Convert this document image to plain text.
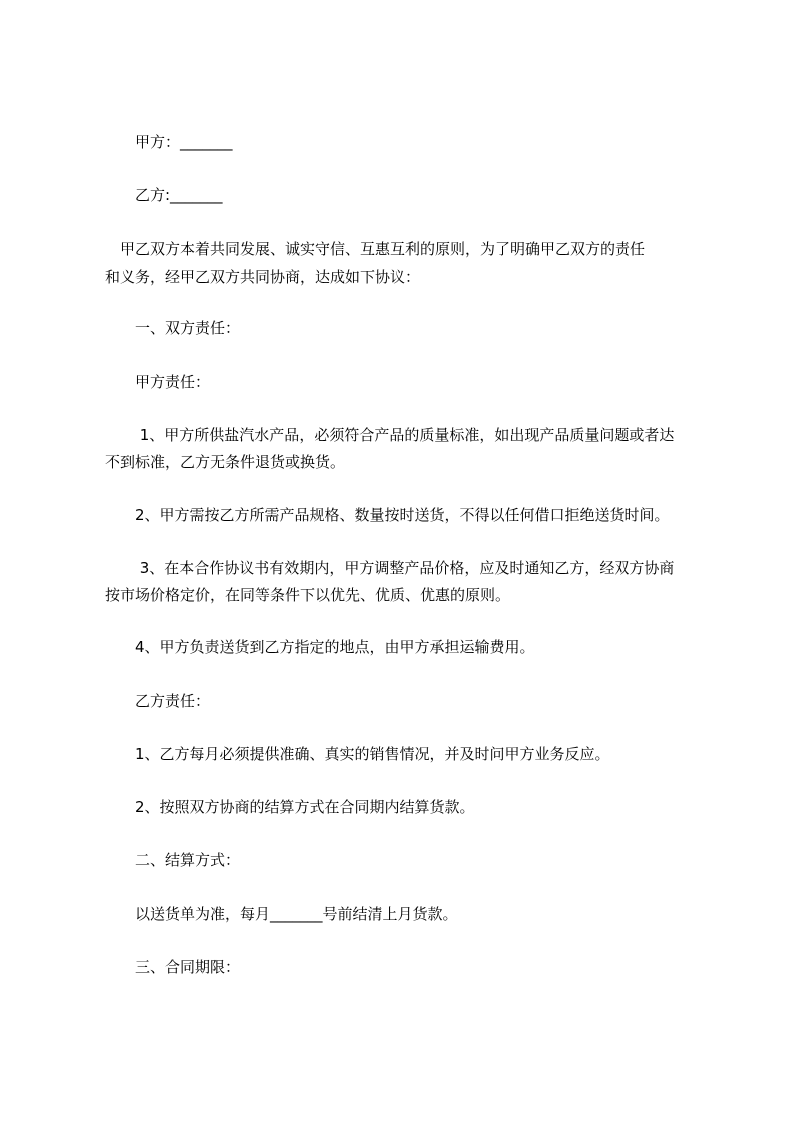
甲方：_______

乙方:_______

　甲乙双方本着共同发展、诚实守信、互惠互利的原则，为了明确甲乙双方的责任

和义务，经甲乙双方共同协商，达成如下协议：

一、双方责任：

甲方责任：

1、甲方所供盐汽水产品，必须符合产品的质量标准，如出现产品质量问题或者达

不到标准，乙方无条件退货或换货。

2、甲方需按乙方所需产品规格、数量按时送货，不得以任何借口拒绝送货时间。

3、在本合作协议书有效期内，甲方调整产品价格，应及时通知乙方，经双方协商

按市场价格定价，在同等条件下以优先、优质、优惠的原则。

4、甲方负责送货到乙方指定的地点，由甲方承担运输费用。

乙方责任：

1、乙方每月必须提供准确、真实的销售情况，并及时问甲方业务反应。

2、按照双方协商的结算方式在合同期内结算货款。

二、结算方式：

以送货单为准，每月_______号前结清上月货款。

三、合同期限：
